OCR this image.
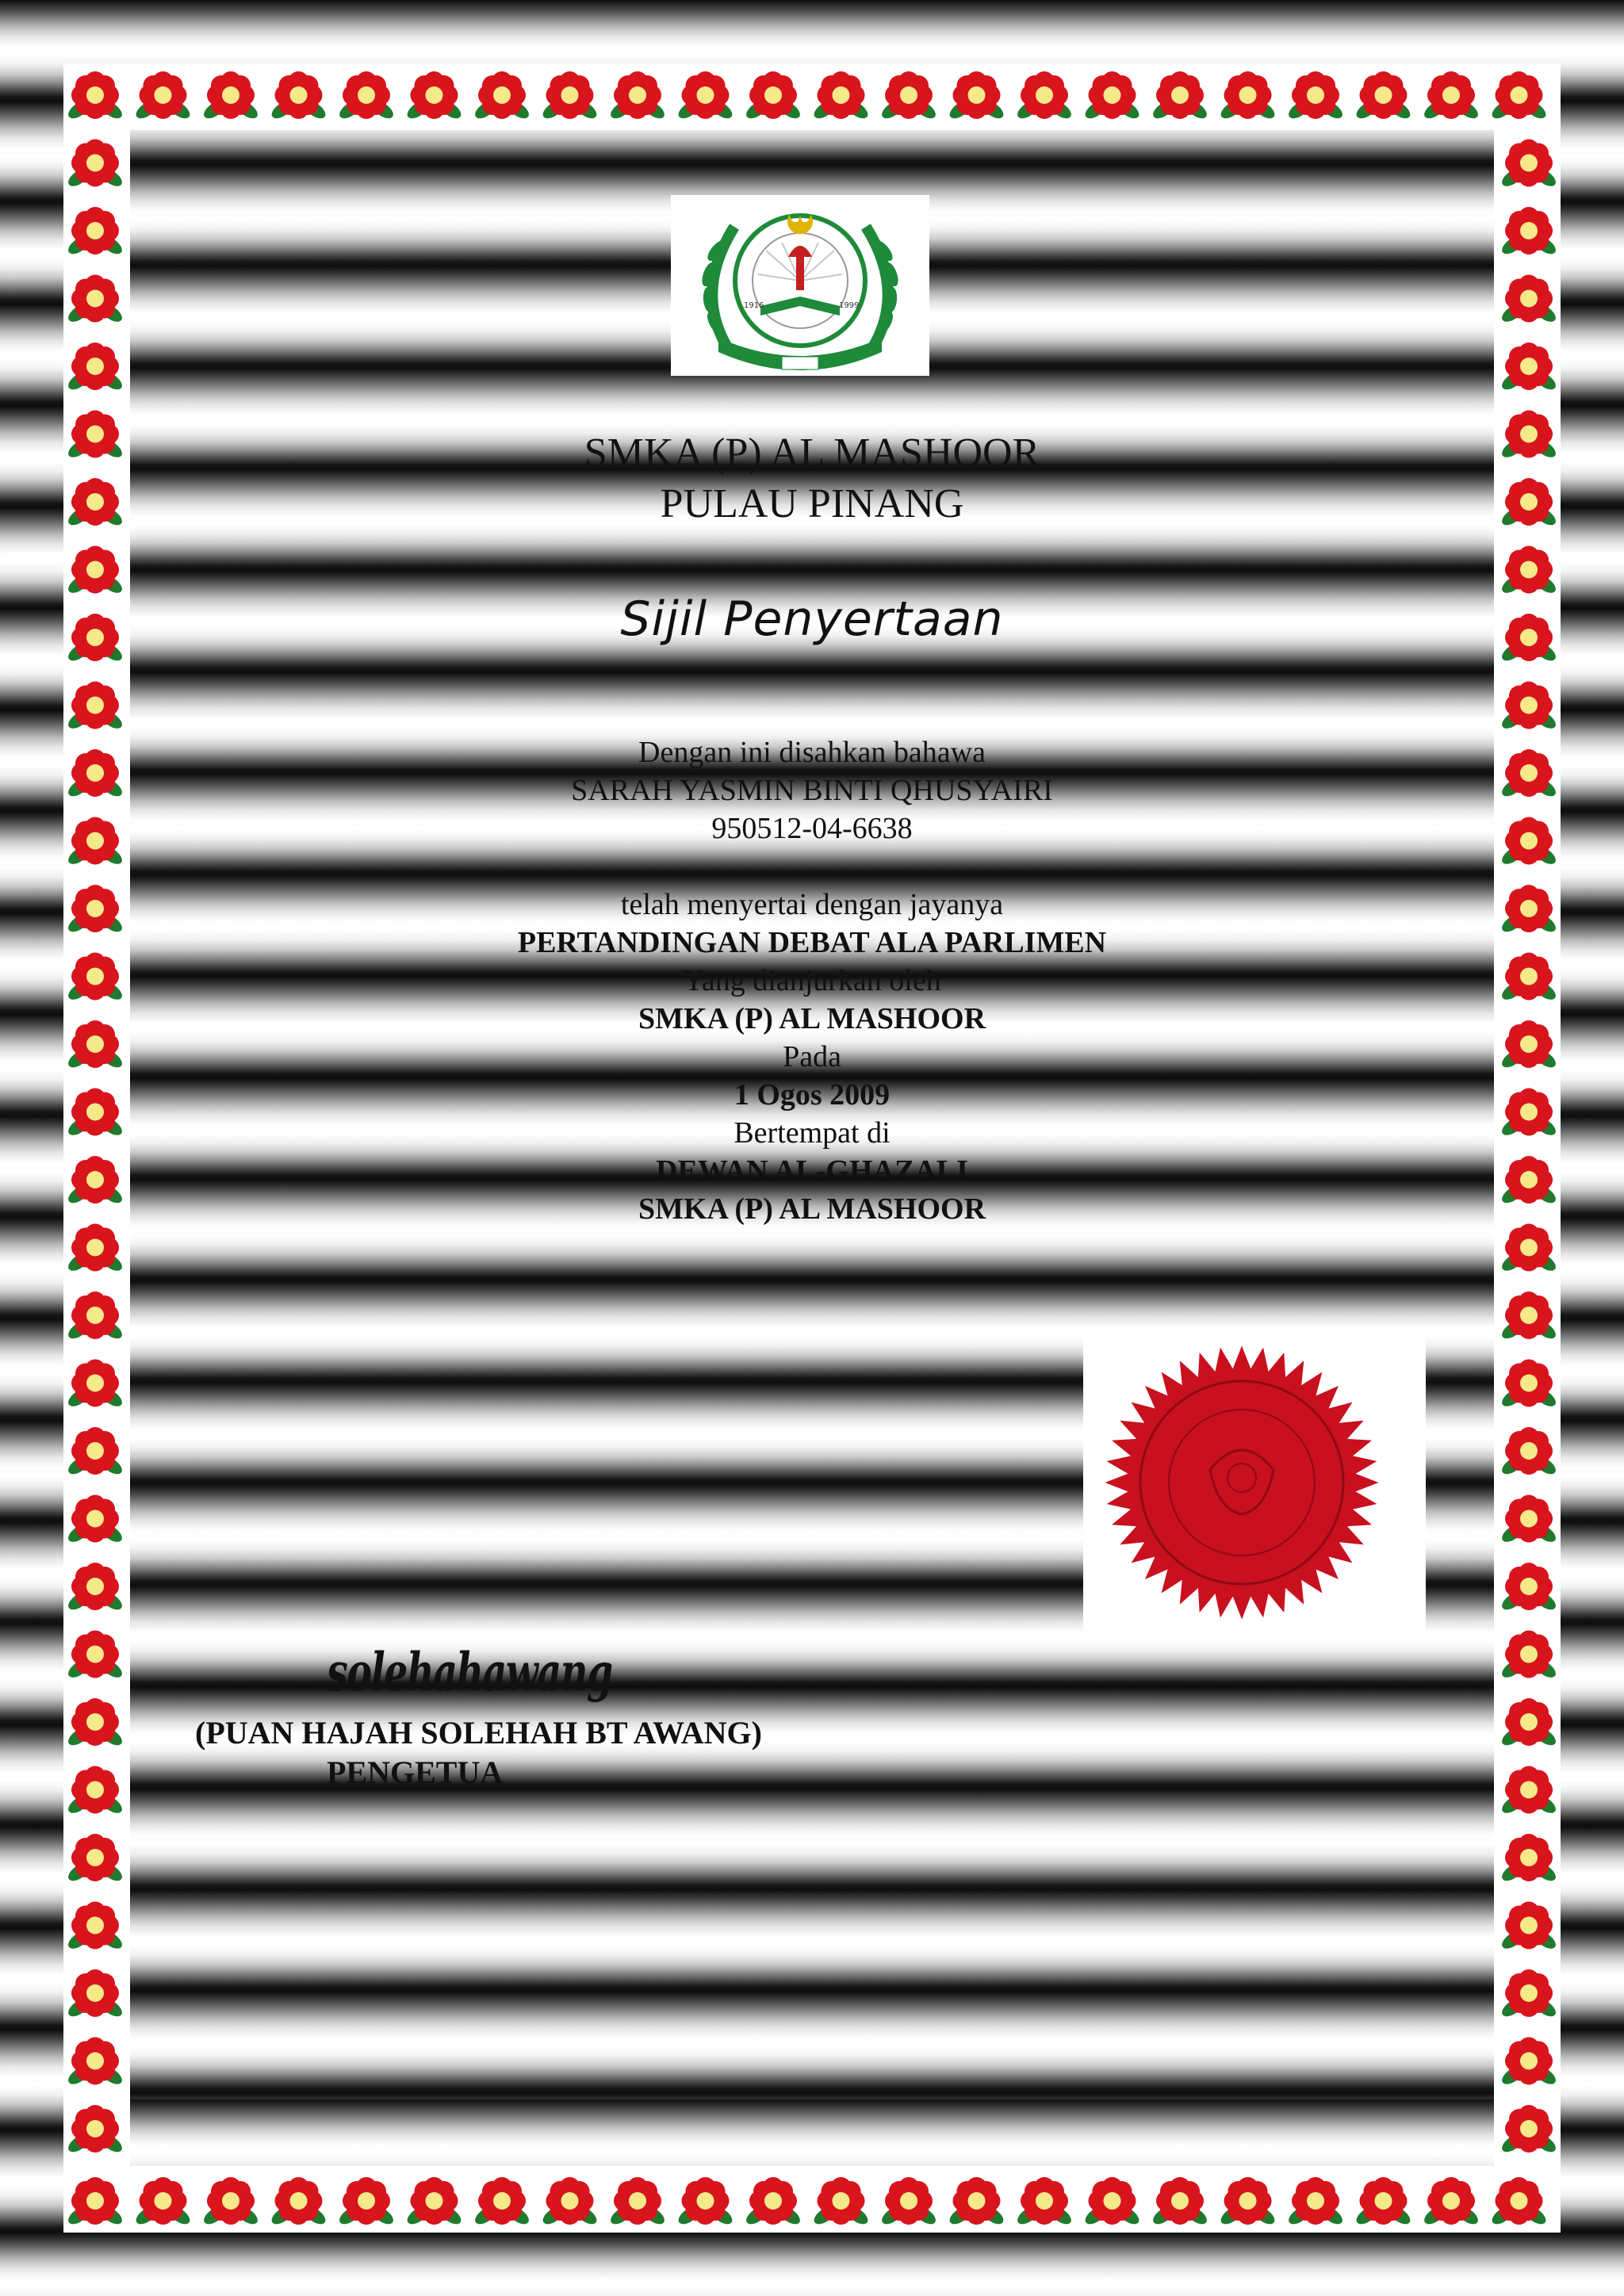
1916	1999
SMKA (P) AL MASHOOR
PULAU PINANG
Sijil Penyertaan
Dengan ini disahkan bahawa
SARAH YASMIN BINTI QHUSYAIRI
950512-04-6638
telah menyertai dengan jayanya
PERTANDINGAN DEBAT ALA PARLIMEN
Yang dianjurkan oleh
SMKA (P) AL MASHOOR
Pada
1 Ogos 2009
Bertempat di
DEWAN AL-GHAZALI
SMKA (P) AL MASHOOR
solehahawang
(PUAN HAJAH SOLEHAH BT AWANG)
PENGETUA
